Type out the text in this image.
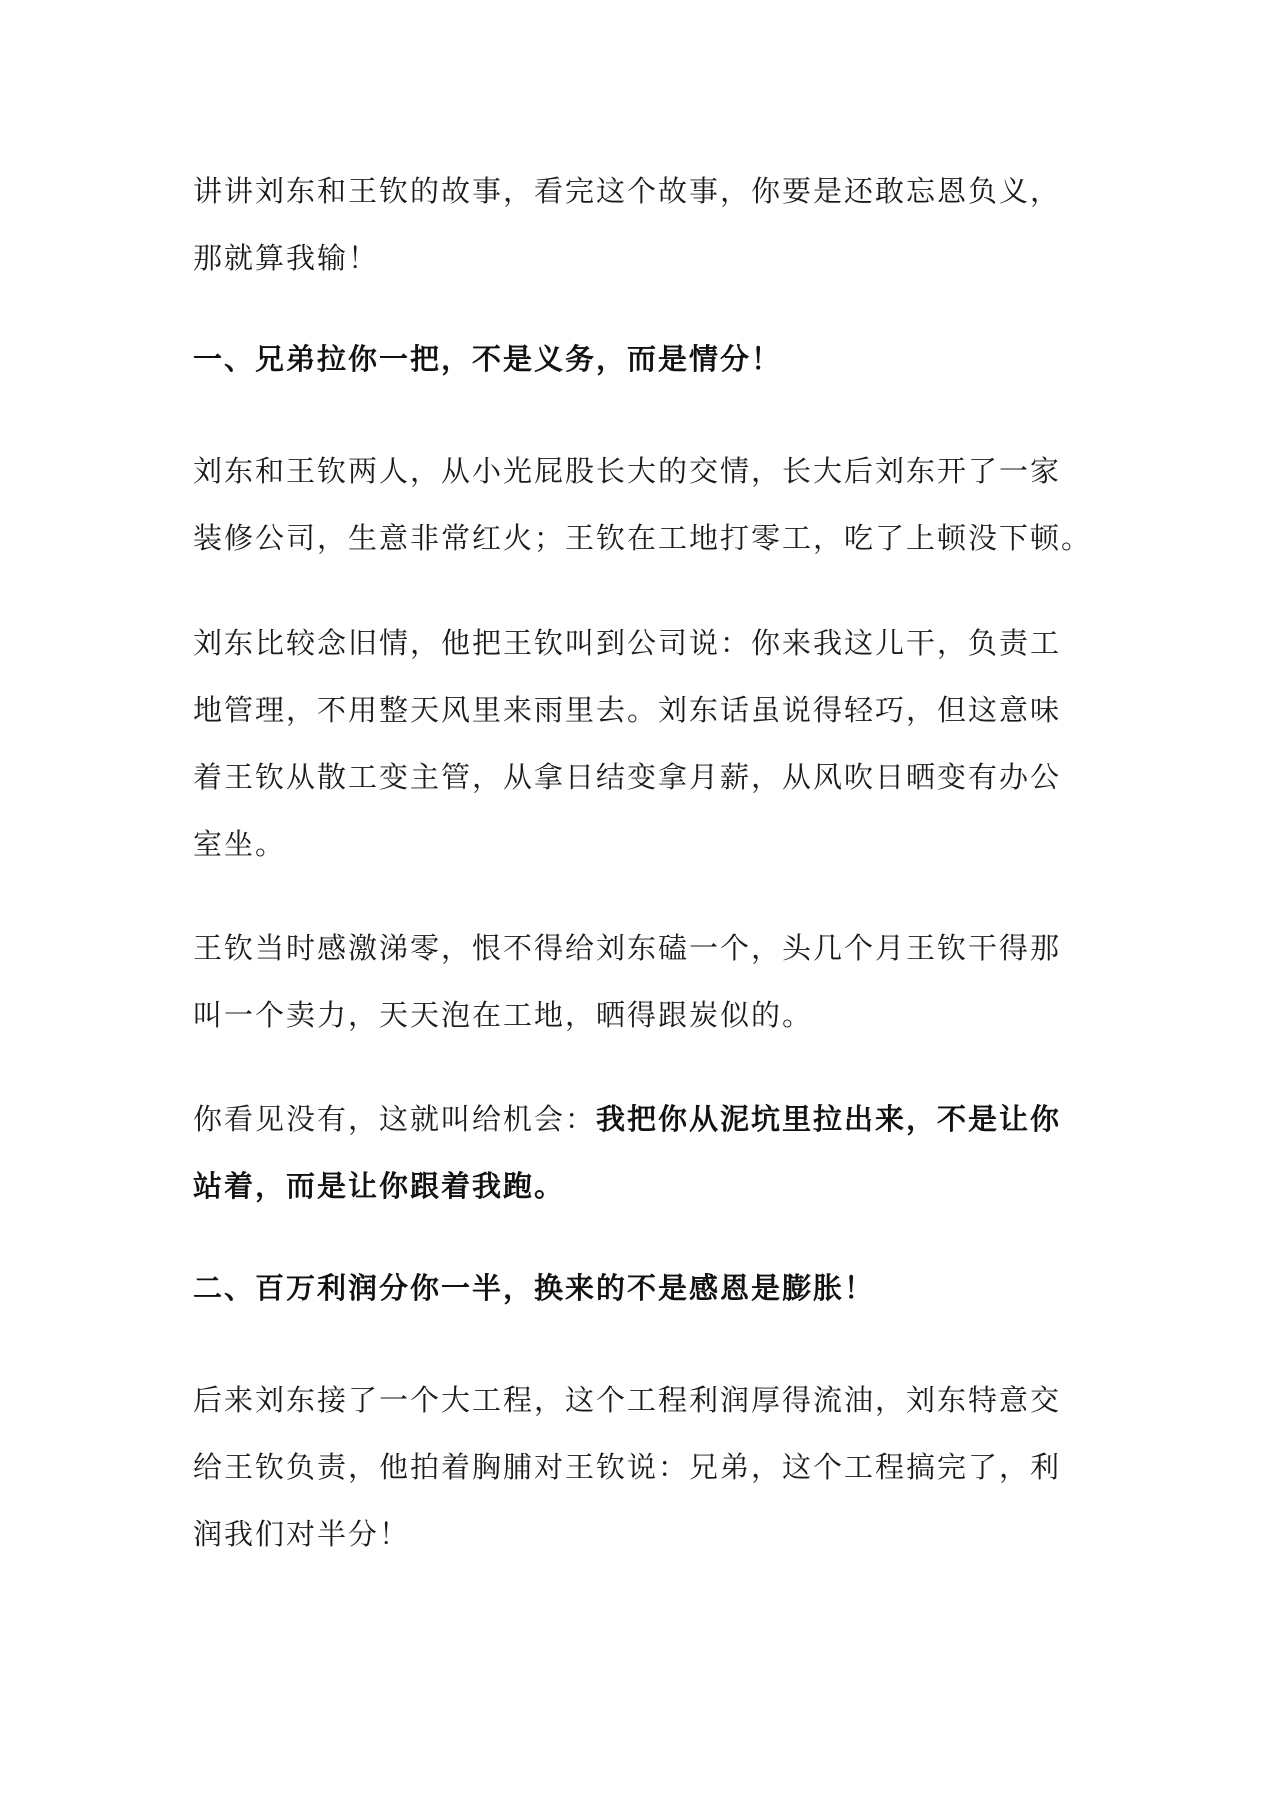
讲讲刘东和王钦的故事，看完这个故事，你要是还敢忘恩负义，
那就算我输！
一、兄弟拉你一把，不是义务，而是情分！
刘东和王钦两人，从小光屁股长大的交情，长大后刘东开了一家
装修公司，生意非常红火；王钦在工地打零工，吃了上顿没下顿。
刘东比较念旧情，他把王钦叫到公司说：你来我这儿干，负责工
地管理，不用整天风里来雨里去。刘东话虽说得轻巧，但这意味
着王钦从散工变主管，从拿日结变拿月薪，从风吹日晒变有办公
室坐。
王钦当时感激涕零，恨不得给刘东磕一个，头几个月王钦干得那
叫一个卖力，天天泡在工地，晒得跟炭似的。
你看见没有，这就叫给机会：我把你从泥坑里拉出来，不是让你
站着，而是让你跟着我跑。
二、百万利润分你一半，换来的不是感恩是膨胀！
后来刘东接了一个大工程，这个工程利润厚得流油，刘东特意交
给王钦负责，他拍着胸脯对王钦说：兄弟，这个工程搞完了，利
润我们对半分！
